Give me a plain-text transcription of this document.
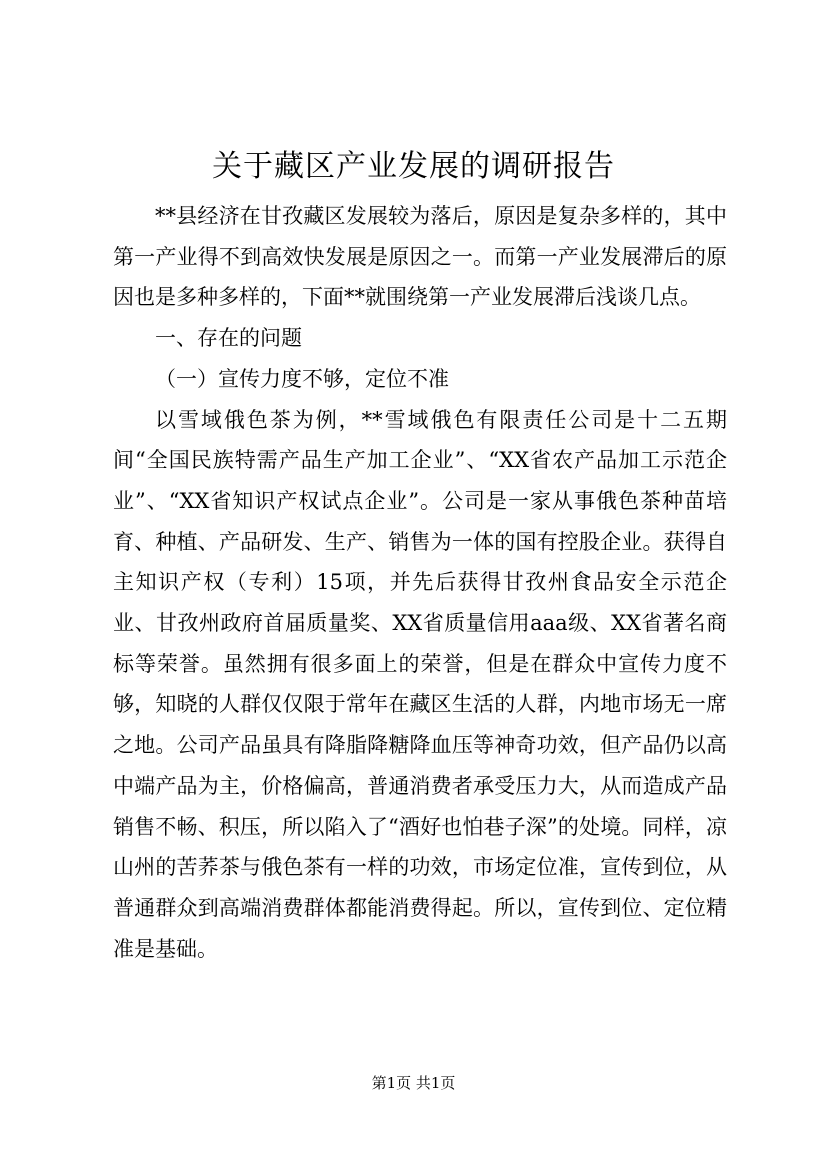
关于藏区产业发展的调研报告

**县经济在甘孜藏区发展较为落后，原因是复杂多样的，其中第一产业得不到高效快发展是原因之一。而第一产业发展滞后的原因也是多种多样的，下面**就围绕第一产业发展滞后浅谈几点。

一、存在的问题

（一）宣传力度不够，定位不准

以雪域俄色茶为例，**雪域俄色有限责任公司是十二五期间“全国民族特需产品生产加工企业”、“XX省农产品加工示范企业”、“XX省知识产权试点企业”。公司是一家从事俄色茶种苗培育、种植、产品研发、生产、销售为一体的国有控股企业。获得自主知识产权（专利）15项，并先后获得甘孜州食品安全示范企业、甘孜州政府首届质量奖、XX省质量信用aaa级、XX省著名商标等荣誉。虽然拥有很多面上的荣誉，但是在群众中宣传力度不够，知晓的人群仅仅限于常年在藏区生活的人群，内地市场无一席之地。公司产品虽具有降脂降糖降血压等神奇功效，但产品仍以高中端产品为主，价格偏高，普通消费者承受压力大，从而造成产品销售不畅、积压，所以陷入了“酒好也怕巷子深”的处境。同样，凉山州的苦荞茶与俄色茶有一样的功效，市场定位准，宣传到位，从普通群众到高端消费群体都能消费得起。所以，宣传到位、定位精准是基础。

第1页 共1页
